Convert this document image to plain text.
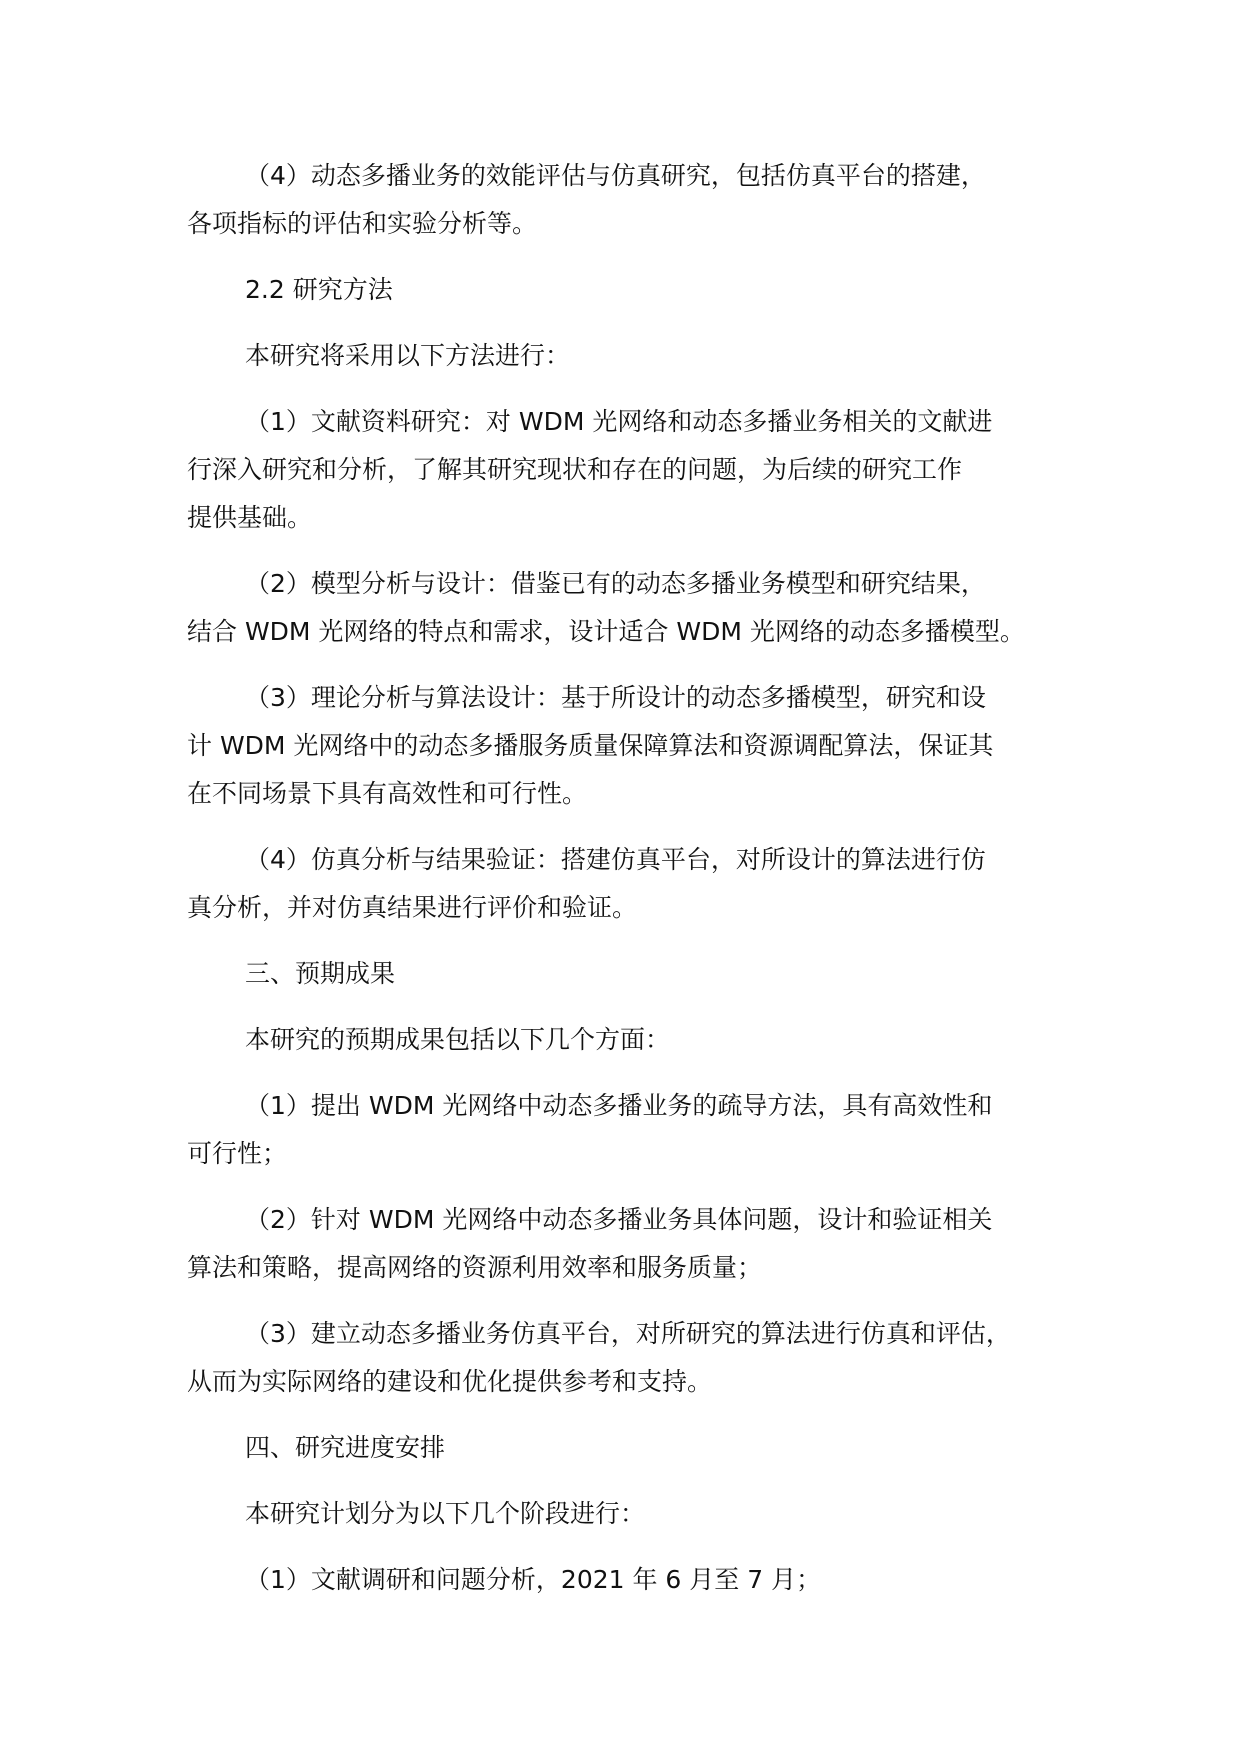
（4）动态多播业务的效能评估与仿真研究，包括仿真平台的搭建，
各项指标的评估和实验分析等。

2.2 研究方法

本研究将采用以下方法进行：

（1）文献资料研究：对 WDM 光网络和动态多播业务相关的文献进
行深入研究和分析，了解其研究现状和存在的问题，为后续的研究工作
提供基础。

（2）模型分析与设计：借鉴已有的动态多播业务模型和研究结果，
结合 WDM 光网络的特点和需求，设计适合 WDM 光网络的动态多播模型。

（3）理论分析与算法设计：基于所设计的动态多播模型，研究和设
计 WDM 光网络中的动态多播服务质量保障算法和资源调配算法，保证其
在不同场景下具有高效性和可行性。

（4）仿真分析与结果验证：搭建仿真平台，对所设计的算法进行仿
真分析，并对仿真结果进行评价和验证。

三、预期成果

本研究的预期成果包括以下几个方面：

（1）提出 WDM 光网络中动态多播业务的疏导方法，具有高效性和
可行性；

（2）针对 WDM 光网络中动态多播业务具体问题，设计和验证相关
算法和策略，提高网络的资源利用效率和服务质量；

（3）建立动态多播业务仿真平台，对所研究的算法进行仿真和评估，
从而为实际网络的建设和优化提供参考和支持。

四、研究进度安排

本研究计划分为以下几个阶段进行：

（1）文献调研和问题分析，2021 年 6 月至 7 月；
